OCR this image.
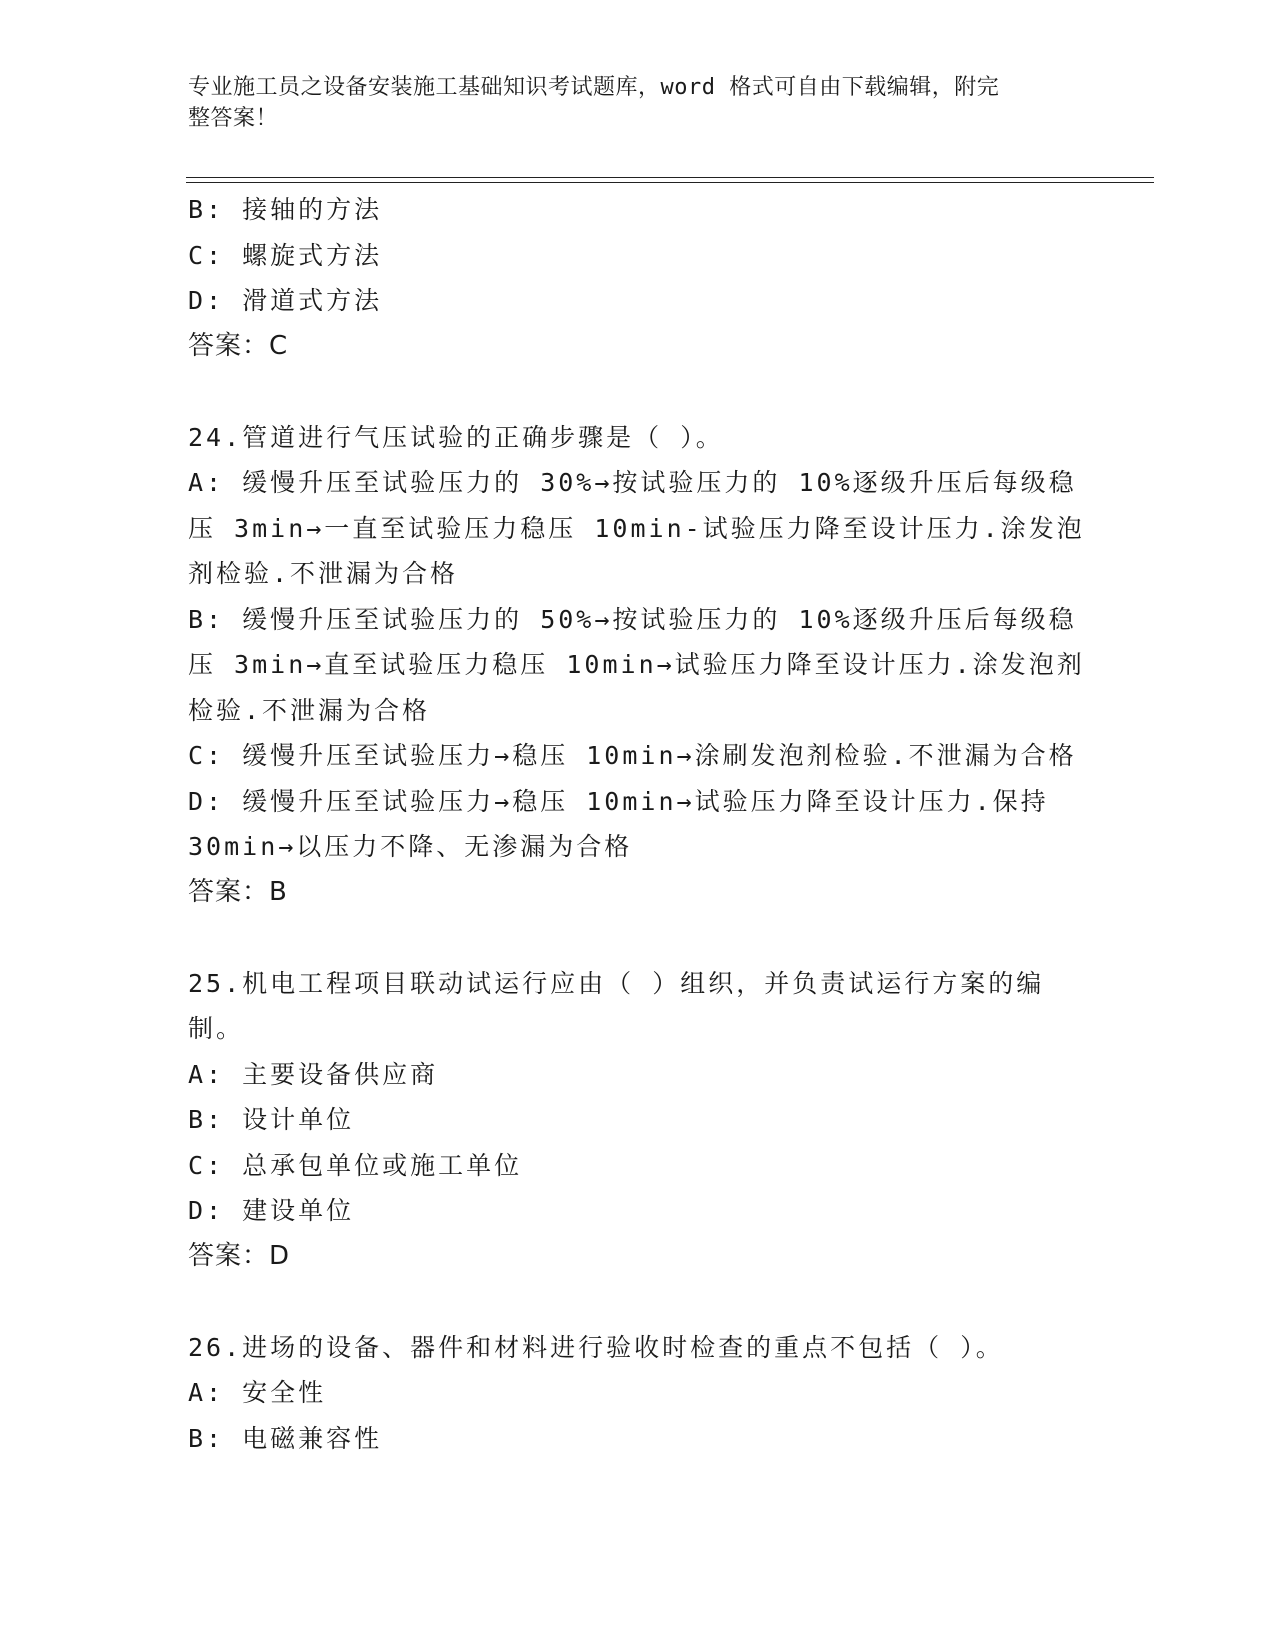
专业施工员之设备安装施工基础知识考试题库，word 格式可自由下载编辑，附完
整答案！
B: 接轴的方法
C: 螺旋式方法
D: 滑道式方法
答案：C
24.管道进行气压试验的正确步骤是（ ）。
A: 缓慢升压至试验压力的 30%→按试验压力的 10%逐级升压后每级稳
压 3min→一直至试验压力稳压 10min-试验压力降至设计压力.涂发泡
剂检验.不泄漏为合格
B: 缓慢升压至试验压力的 50%→按试验压力的 10%逐级升压后每级稳
压 3min→直至试验压力稳压 10min→试验压力降至设计压力.涂发泡剂
检验.不泄漏为合格
C: 缓慢升压至试验压力→稳压 10min→涂刷发泡剂检验.不泄漏为合格
D: 缓慢升压至试验压力→稳压 10min→试验压力降至设计压力.保持
30min→以压力不降、无渗漏为合格
答案：B
25.机电工程项目联动试运行应由（ ）组织，并负责试运行方案的编
制。
A: 主要设备供应商
B: 设计单位
C: 总承包单位或施工单位
D: 建设单位
答案：D
26.进场的设备、器件和材料进行验收时检查的重点不包括（ ）。
A: 安全性
B: 电磁兼容性
